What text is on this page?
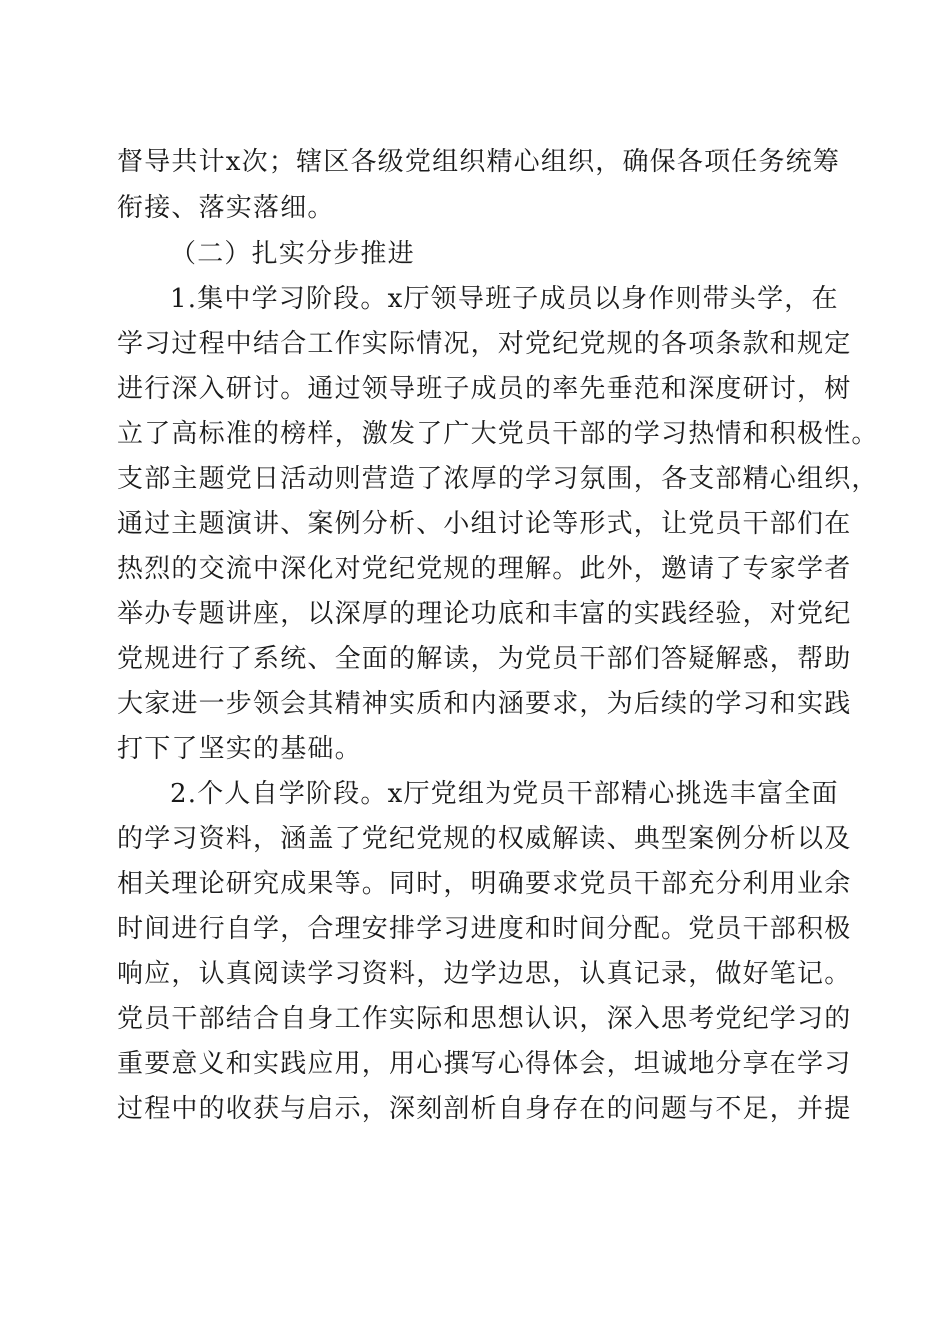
督导共计x次；辖区各级党组织精心组织，确保各项任务统筹
衔接、落实落细。
（二）扎实分步推进
1.集中学习阶段。x厅领导班子成员以身作则带头学，在
学习过程中结合工作实际情况，对党纪党规的各项条款和规定
进行深入研讨。通过领导班子成员的率先垂范和深度研讨，树
立了高标准的榜样，激发了广大党员干部的学习热情和积极性。
支部主题党日活动则营造了浓厚的学习氛围，各支部精心组织，
通过主题演讲、案例分析、小组讨论等形式，让党员干部们在
热烈的交流中深化对党纪党规的理解。此外，邀请了专家学者
举办专题讲座，以深厚的理论功底和丰富的实践经验，对党纪
党规进行了系统、全面的解读，为党员干部们答疑解惑，帮助
大家进一步领会其精神实质和内涵要求，为后续的学习和实践
打下了坚实的基础。
2.个人自学阶段。x厅党组为党员干部精心挑选丰富全面
的学习资料，涵盖了党纪党规的权威解读、典型案例分析以及
相关理论研究成果等。同时，明确要求党员干部充分利用业余
时间进行自学，合理安排学习进度和时间分配。党员干部积极
响应，认真阅读学习资料，边学边思，认真记录，做好笔记。
党员干部结合自身工作实际和思想认识，深入思考党纪学习的
重要意义和实践应用，用心撰写心得体会，坦诚地分享在学习
过程中的收获与启示，深刻剖析自身存在的问题与不足，并提
